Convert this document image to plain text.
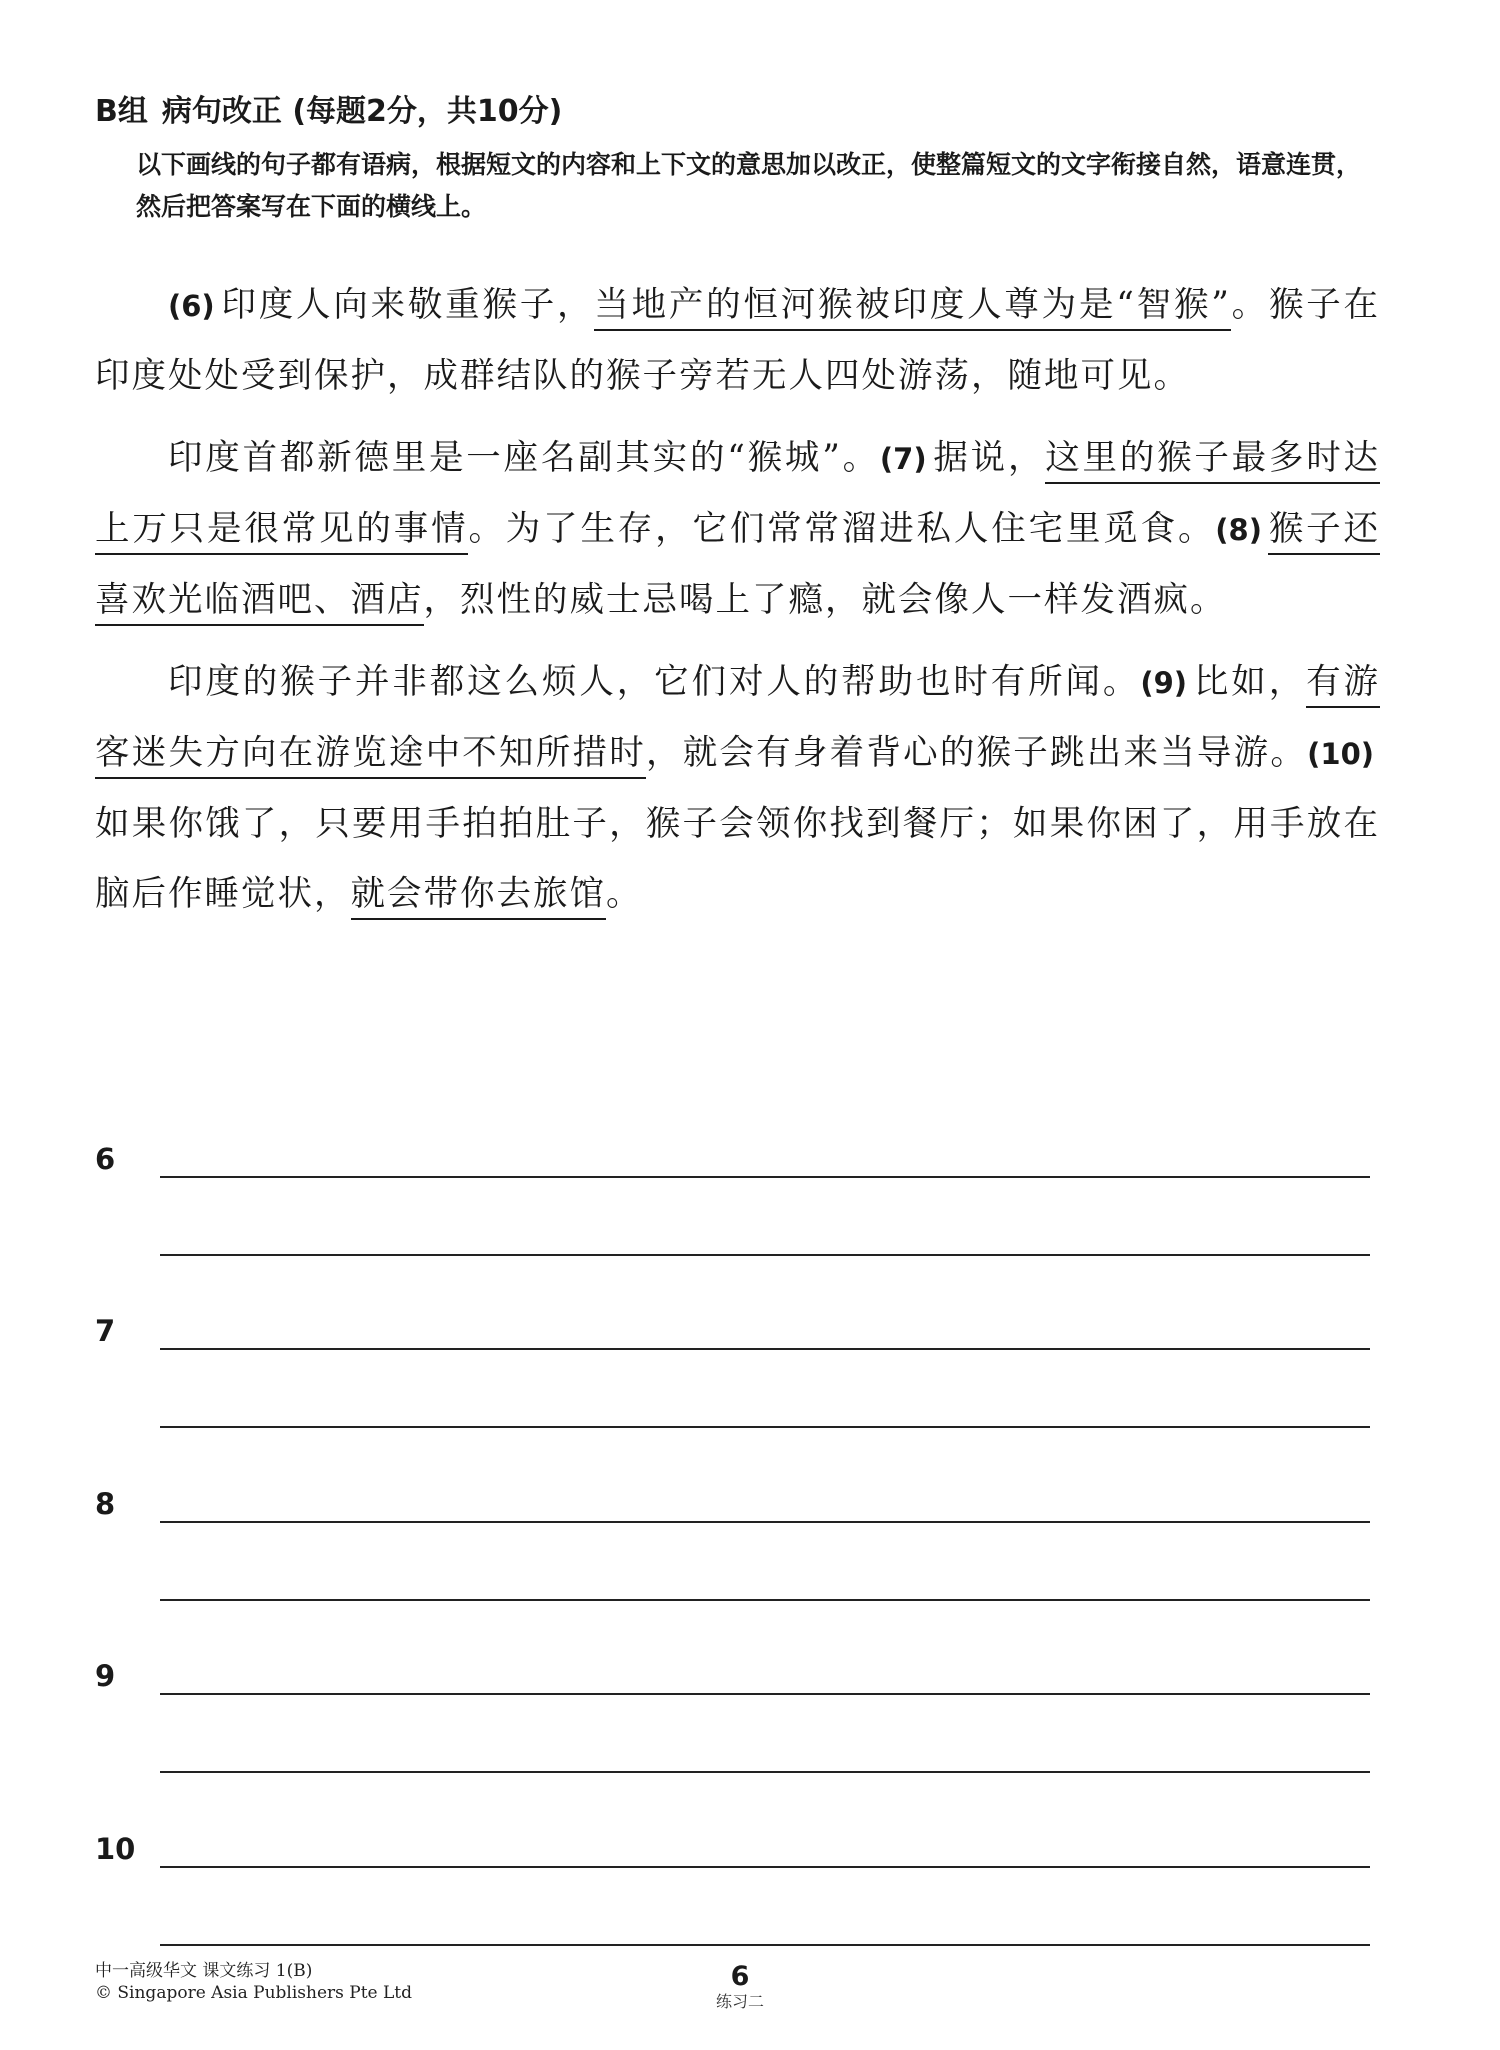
B组 病句改正 (每题2分，共10分)
以下画线的句子都有语病，根据短文的内容和上下文的意思加以改正，使整篇短文的文字衔接自然，语意连贯，然后把答案写在下面的横线上。

(6) 印度人向来敬重猴子，当地产的恒河猴被印度人尊为是“智猴”。猴子在印度处处受到保护，成群结队的猴子旁若无人四处游荡，随地可见。

印度首都新德里是一座名副其实的“猴城”。(7) 据说，这里的猴子最多时达上万只是很常见的事情。为了生存，它们常常溜进私人住宅里觅食。(8) 猴子还喜欢光临酒吧、酒店，烈性的威士忌喝上了瘾，就会像人一样发酒疯。

印度的猴子并非都这么烦人，它们对人的帮助也时有所闻。(9) 比如，有游客迷失方向在游览途中不知所措时，就会有身着背心的猴子跳出来当导游。(10)如果你饿了，只要用手拍拍肚子，猴子会领你找到餐厅；如果你困了，用手放在脑后作睡觉状，就会带你去旅馆。

6
7
8
9
10
中一高级华文 课文练习 1(B)
© Singapore Asia Publishers Pte Ltd
6
练习二
